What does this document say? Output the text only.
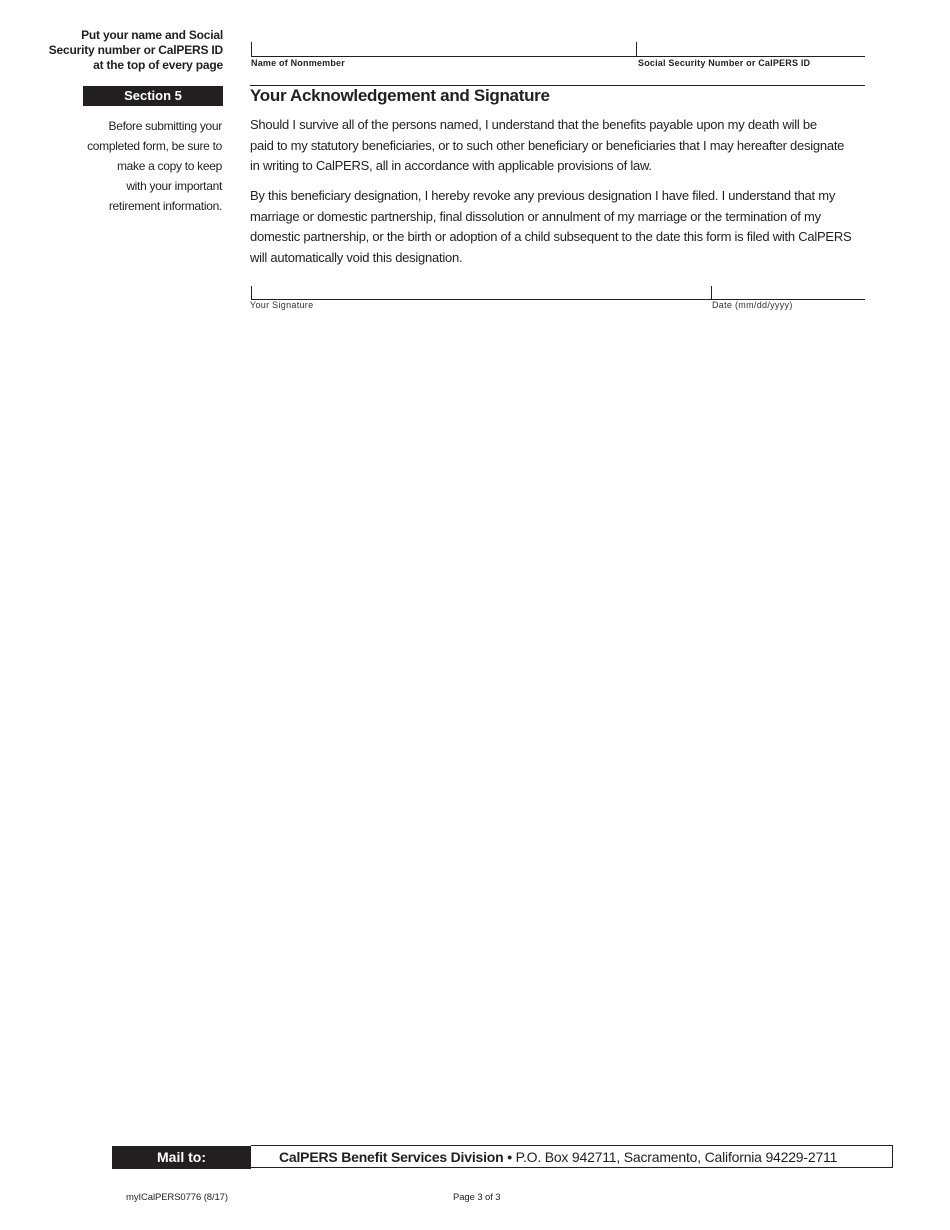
Put your name and Social
Security number or CalPERS ID
at the top of every page	Name of Nonmember	Social Security Number or CalPERS ID
Section 5	Your Acknowledgement and Signature
Before submitting your
completed form, be sure to
make a copy to keep
with your important
retirement information.
Should I survive all of the persons named, I understand that the benefits payable upon my death will be
paid to my statutory beneficiaries, or to such other beneficiary or beneficiaries that I may hereafter designate
in writing to CalPERS, all in accordance with applicable provisions of law.
By this beneficiary designation, I hereby revoke any previous designation I have filed. I understand that my
marriage or domestic partnership, final dissolution or annulment of my marriage or the termination of my
domestic partnership, or the birth or adoption of a child subsequent to the date this form is filed with CalPERS
will automatically void this designation.
Your Signature	Date (mm/dd/yyyy)
Mail to:	CalPERS Benefit Services Division • P.O. Box 942711, Sacramento, California 94229-2711
myICalPERS0776 (8/17)	Page 3 of 3
